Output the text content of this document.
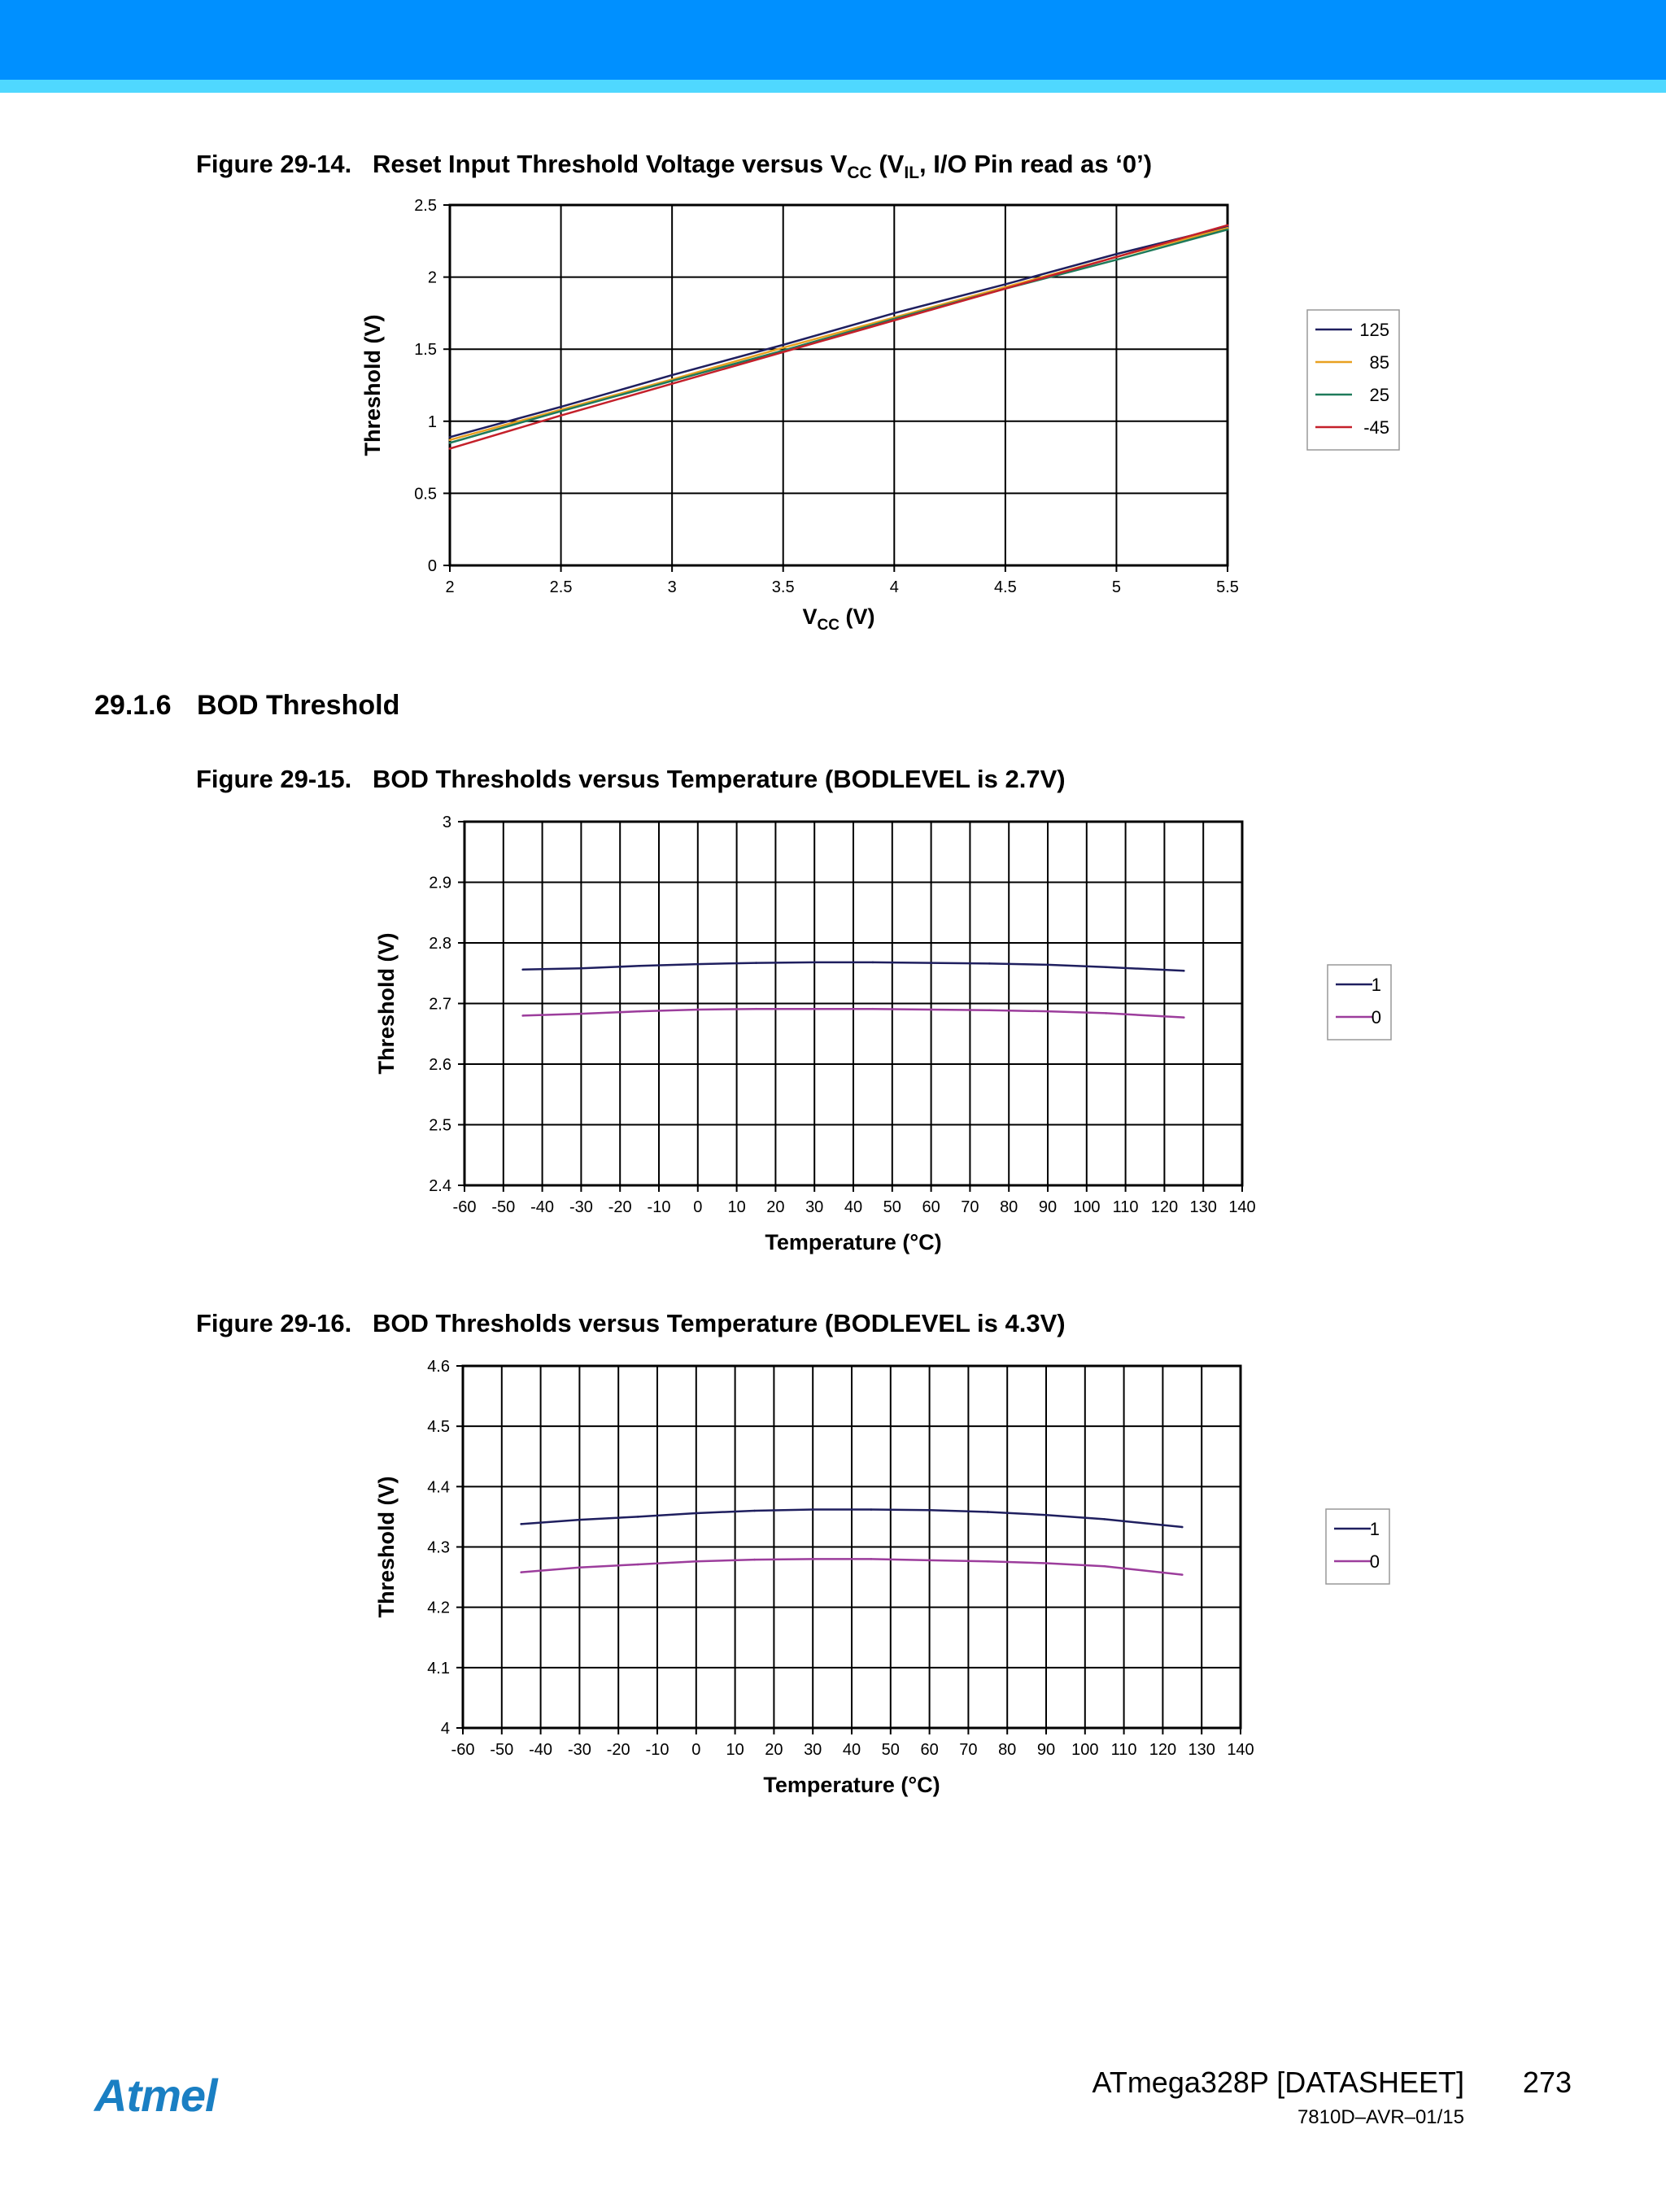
Figure 29-14. Reset Input Threshold Voltage versus $V_{CC}$ ($V_{IL}$, I/O Pin read as ‘0’)
2	2.5	3	3.5	4	4.5	5	5.5
0
0.5
1
1.5
2
2.5
$V_{CC}$ (V)
Threshold (V)	125
85
25
-45
29.1.6 BOD Threshold
Figure 29-15. BOD Thresholds versus Temperature (BODLEVEL is 2.7V)
-60 -50 -40 -30 -20 -10 0 10 20 30 40 50 60 70 80 90 100 110 120 130 140
2.4
2.5
2.6
2.7
2.8
2.9
3
Temperature (°C)
Threshold (V)	1
0
Figure 29-16. BOD Thresholds versus Temperature (BODLEVEL is 4.3V)
-60 -50 -40 -30 -20 -10 0 10 20 30 40 50 60 70 80 90 100 110 120 130 140
4
4.1
4.2
4.3
4.4
4.5
4.6
Temperature (°C)
Threshold (V)	1
0
Atmel	ATmega328P [DATASHEET] 273
7810D–AVR–01/15
